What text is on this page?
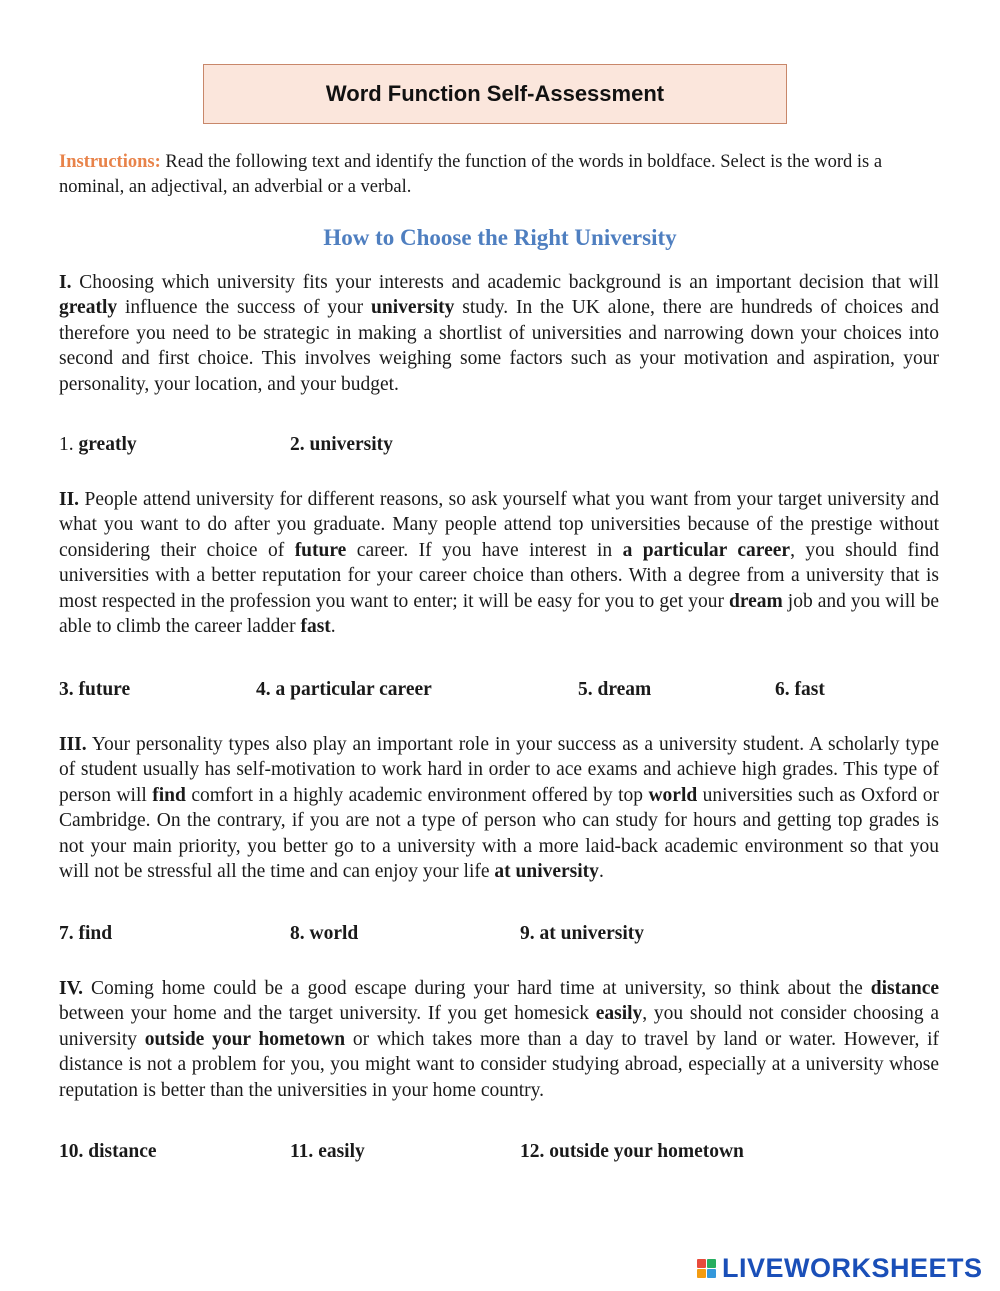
Word Function Self-Assessment

Instructions: Read the following text and identify the function of the words in boldface. Select is the word is a nominal, an adjectival, an adverbial or a verbal.

How to Choose the Right University

I. Choosing which university fits your interests and academic background is an important decision that will greatly influence the success of your university study. In the UK alone, there are hundreds of choices and therefore you need to be strategic in making a shortlist of universities and narrowing down your choices into second and first choice. This involves weighing some factors such as your motivation and aspiration, your personality, your location, and your budget.

1. greatly	2. university

II. People attend university for different reasons, so ask yourself what you want from your target university and what you want to do after you graduate. Many people attend top universities because of the prestige without considering their choice of future career. If you have interest in a particular career, you should find universities with a better reputation for your career choice than others. With a degree from a university that is most respected in the profession you want to enter; it will be easy for you to get your dream job and you will be able to climb the career ladder fast.

3. future	4. a particular career	5. dream	6. fast

III. Your personality types also play an important role in your success as a university student. A scholarly type of student usually has self-motivation to work hard in order to ace exams and achieve high grades. This type of person will find comfort in a highly academic environment offered by top world universities such as Oxford or Cambridge. On the contrary, if you are not a type of person who can study for hours and getting top grades is not your main priority, you better go to a university with a more laid-back academic environment so that you will not be stressful all the time and can enjoy your life at university.

7. find	8. world	9. at university

IV. Coming home could be a good escape during your hard time at university, so think about the distance between your home and the target university. If you get homesick easily, you should not consider choosing a university outside your hometown or which takes more than a day to travel by land or water. However, if distance is not a problem for you, you might want to consider studying abroad, especially at a university whose reputation is better than the universities in your home country.

10. distance	11. easily	12. outside your hometown
LIVEWORKSHEETS
